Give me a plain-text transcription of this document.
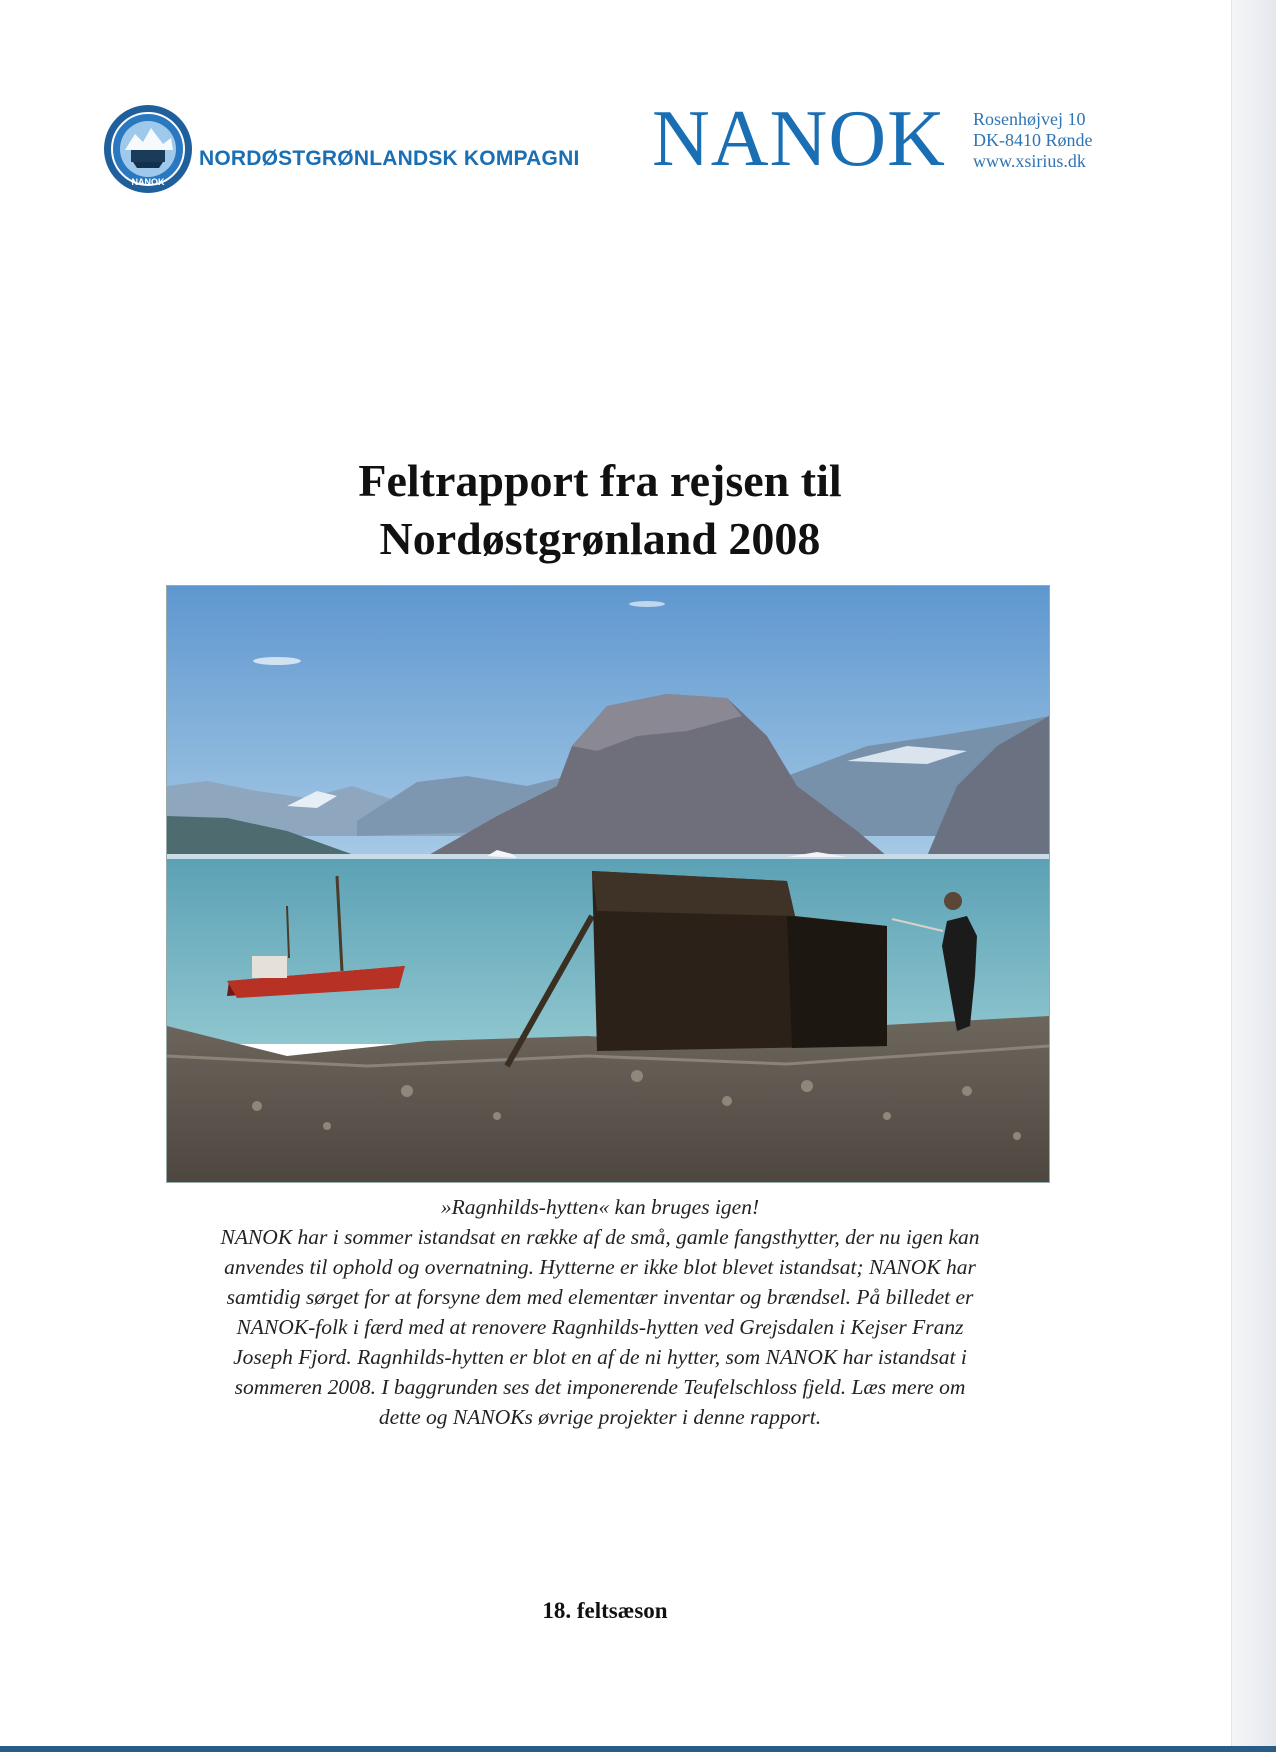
NANOK
NORDØSTGRØNLANDSK KOMPAGNI NANOK Rosenhøjvej 10
DK-8410 Rønde
www.xsirius.dk
Feltrapport fra rejsen til
Nordøstgrønland 2008
»Ragnhilds-hytten« kan bruges igen!
NANOK har i sommer istandsat en række af de små, gamle fangsthytter, der nu igen kan
anvendes til ophold og overnatning. Hytterne er ikke blot blevet istandsat; NANOK har
samtidig sørget for at forsyne dem med elementær inventar og brændsel. På billedet er
NANOK-folk i færd med at renovere Ragnhilds-hytten ved Grejsdalen i Kejser Franz
Joseph Fjord. Ragnhilds-hytten er blot en af de ni hytter, som NANOK har istandsat i
sommeren 2008. I baggrunden ses det imponerende Teufelschloss fjeld. Læs mere om
dette og NANOKs øvrige projekter i denne rapport.
18. feltsæson
